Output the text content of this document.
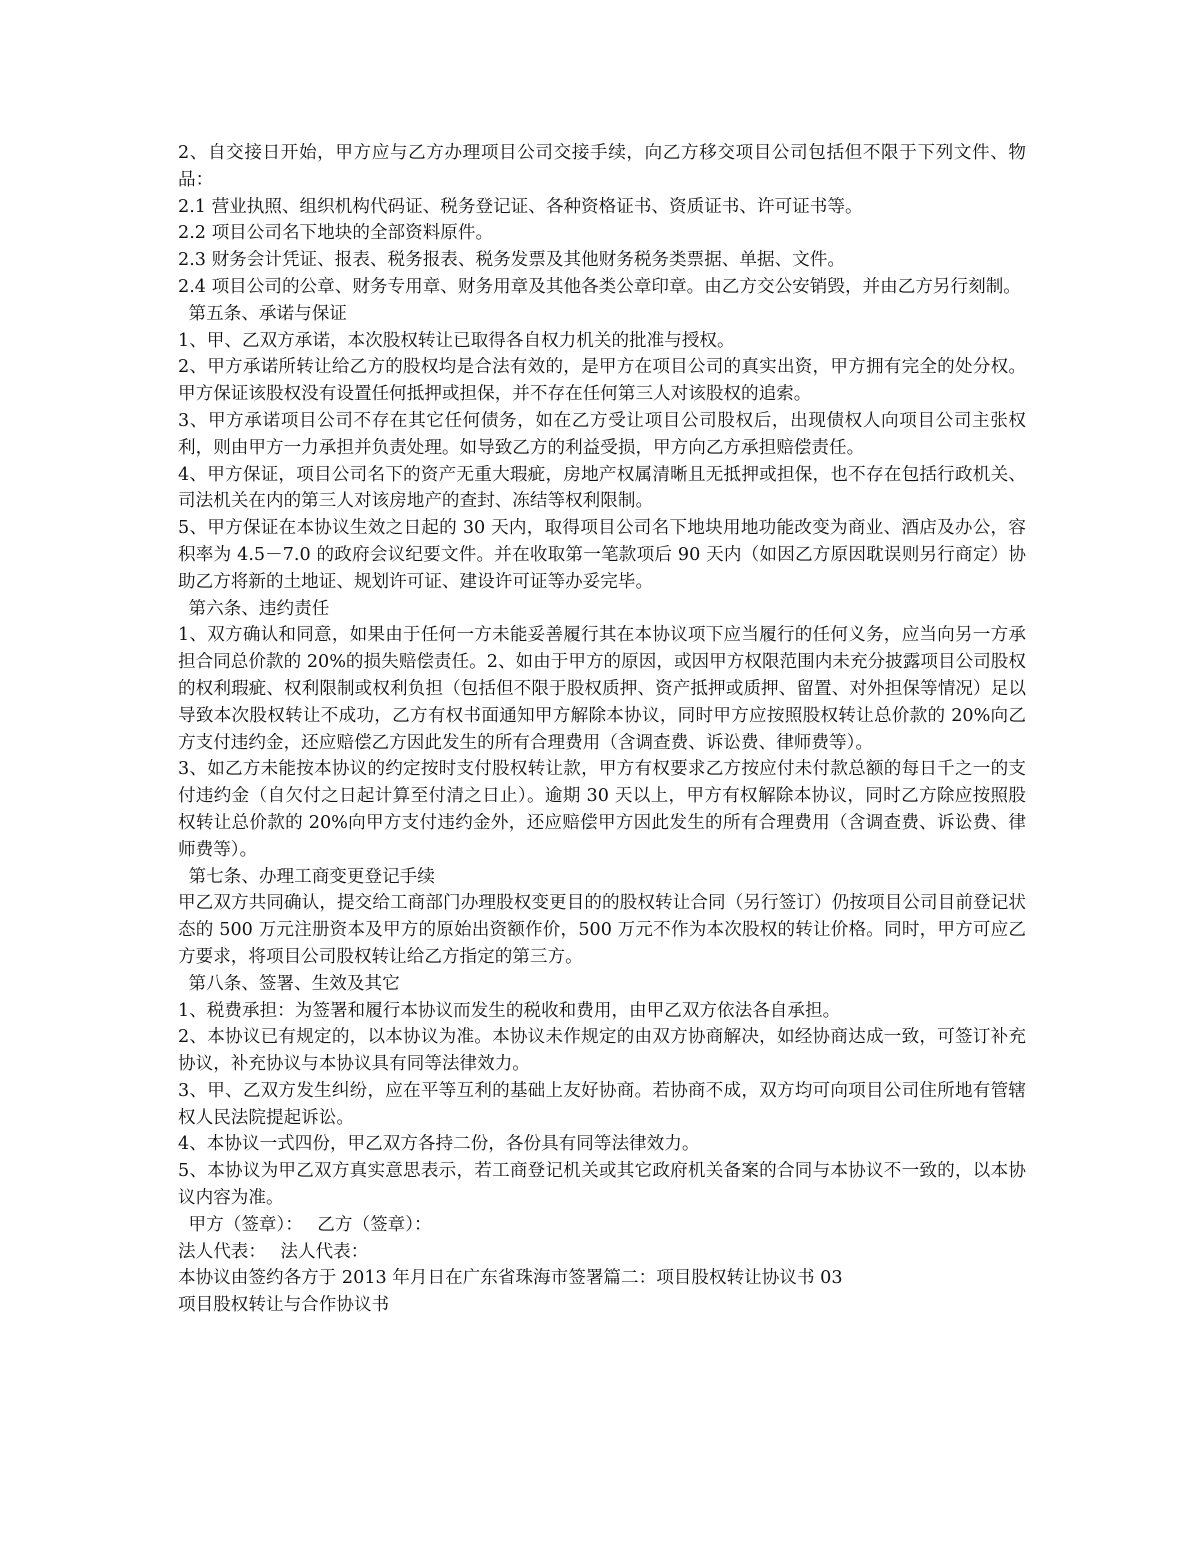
2、自交接日开始，甲方应与乙方办理项目公司交接手续，向乙方移交项目公司包括但不限于下列文件、物品：

2.1 营业执照、组织机构代码证、税务登记证、各种资格证书、资质证书、许可证书等。

2.2 项目公司名下地块的全部资料原件。

2.3 财务会计凭证、报表、税务报表、税务发票及其他财务税务类票据、单据、文件。

2.4 项目公司的公章、财务专用章、财务用章及其他各类公章印章。由乙方交公安销毁，并由乙方另行刻制。

第五条、承诺与保证

1、甲、乙双方承诺，本次股权转让已取得各自权力机关的批准与授权。

2、甲方承诺所转让给乙方的股权均是合法有效的，是甲方在项目公司的真实出资，甲方拥有完全的处分权。甲方保证该股权没有设置任何抵押或担保，并不存在任何第三人对该股权的追索。

3、甲方承诺项目公司不存在其它任何债务，如在乙方受让项目公司股权后，出现债权人向项目公司主张权利，则由甲方一力承担并负责处理。如导致乙方的利益受损，甲方向乙方承担赔偿责任。

4、甲方保证，项目公司名下的资产无重大瑕疵，房地产权属清晰且无抵押或担保，也不存在包括行政机关、司法机关在内的第三人对该房地产的查封、冻结等权利限制。

5、甲方保证在本协议生效之日起的 30 天内，取得项目公司名下地块用地功能改变为商业、酒店及办公，容积率为 4.5－7.0 的政府会议纪要文件。并在收取第一笔款项后 90 天内（如因乙方原因耽误则另行商定）协助乙方将新的土地证、规划许可证、建设许可证等办妥完毕。

第六条、违约责任

1、双方确认和同意，如果由于任何一方未能妥善履行其在本协议项下应当履行的任何义务，应当向另一方承担合同总价款的 20%的损失赔偿责任。2、如由于甲方的原因，或因甲方权限范围内未充分披露项目公司股权的权利瑕疵、权利限制或权利负担（包括但不限于股权质押、资产抵押或质押、留置、对外担保等情况）足以导致本次股权转让不成功，乙方有权书面通知甲方解除本协议，同时甲方应按照股权转让总价款的 20%向乙方支付违约金，还应赔偿乙方因此发生的所有合理费用（含调查费、诉讼费、律师费等）。

3、如乙方未能按本协议的约定按时支付股权转让款，甲方有权要求乙方按应付未付款总额的每日千之一的支付违约金（自欠付之日起计算至付清之日止）。逾期 30 天以上，甲方有权解除本协议，同时乙方除应按照股权转让总价款的 20%向甲方支付违约金外，还应赔偿甲方因此发生的所有合理费用（含调查费、诉讼费、律师费等）。

第七条、办理工商变更登记手续

甲乙双方共同确认，提交给工商部门办理股权变更目的的股权转让合同（另行签订）仍按项目公司目前登记状态的 500 万元注册资本及甲方的原始出资额作价，500 万元不作为本次股权的转让价格。同时，甲方可应乙方要求，将项目公司股权转让给乙方指定的第三方。

第八条、签署、生效及其它

1、税费承担：为签署和履行本协议而发生的税收和费用，由甲乙双方依法各自承担。

2、本协议已有规定的，以本协议为准。本协议未作规定的由双方协商解决，如经协商达成一致，可签订补充协议，补充协议与本协议具有同等法律效力。

3、甲、乙双方发生纠纷，应在平等互利的基础上友好协商。若协商不成，双方均可向项目公司住所地有管辖权人民法院提起诉讼。

4、本协议一式四份，甲乙双方各持二份，各份具有同等法律效力。

5、本协议为甲乙双方真实意思表示，若工商登记机关或其它政府机关备案的合同与本协议不一致的，以本协议内容为准。

甲方（签章）：　 乙方（签章）：

法人代表：　 法人代表：

本协议由签约各方于 2013 年月日在广东省珠海市签署篇二：项目股权转让协议书 03

项目股权转让与合作协议书
